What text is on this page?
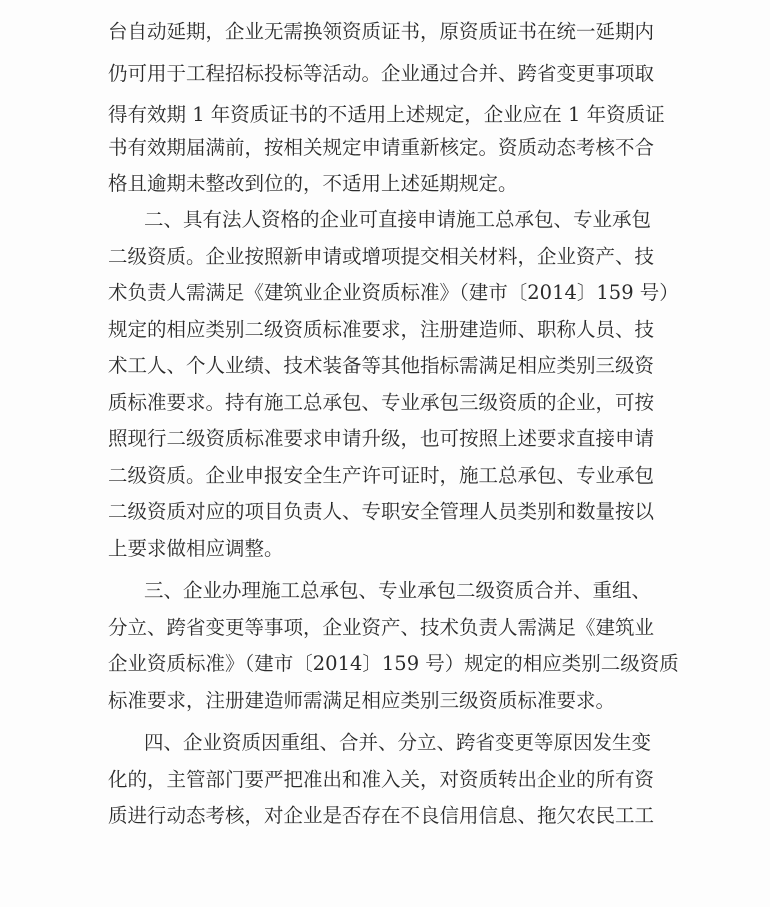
台自动延期，企业无需换领资质证书，原资质证书在统一延期内
仍可用于工程招标投标等活动。企业通过合并、跨省变更事项取
得有效期 1 年资质证书的不适用上述规定，企业应在 1 年资质证
书有效期届满前，按相关规定申请重新核定。资质动态考核不合
格且逾期未整改到位的，不适用上述延期规定。
二、具有法人资格的企业可直接申请施工总承包、专业承包
二级资质。企业按照新申请或增项提交相关材料，企业资产、技
术负责人需满足《建筑业企业资质标准》（建市〔2014〕159 号）
规定的相应类别二级资质标准要求，注册建造师、职称人员、技
术工人、个人业绩、技术装备等其他指标需满足相应类别三级资
质标准要求。持有施工总承包、专业承包三级资质的企业，可按
照现行二级资质标准要求申请升级，也可按照上述要求直接申请
二级资质。企业申报安全生产许可证时，施工总承包、专业承包
二级资质对应的项目负责人、专职安全管理人员类别和数量按以
上要求做相应调整。
三、企业办理施工总承包、专业承包二级资质合并、重组、
分立、跨省变更等事项，企业资产、技术负责人需满足《建筑业
企业资质标准》（建市〔2014〕159 号）规定的相应类别二级资质
标准要求，注册建造师需满足相应类别三级资质标准要求。
四、企业资质因重组、合并、分立、跨省变更等原因发生变
化的，主管部门要严把准出和准入关，对资质转出企业的所有资
质进行动态考核，对企业是否存在不良信用信息、拖欠农民工工
